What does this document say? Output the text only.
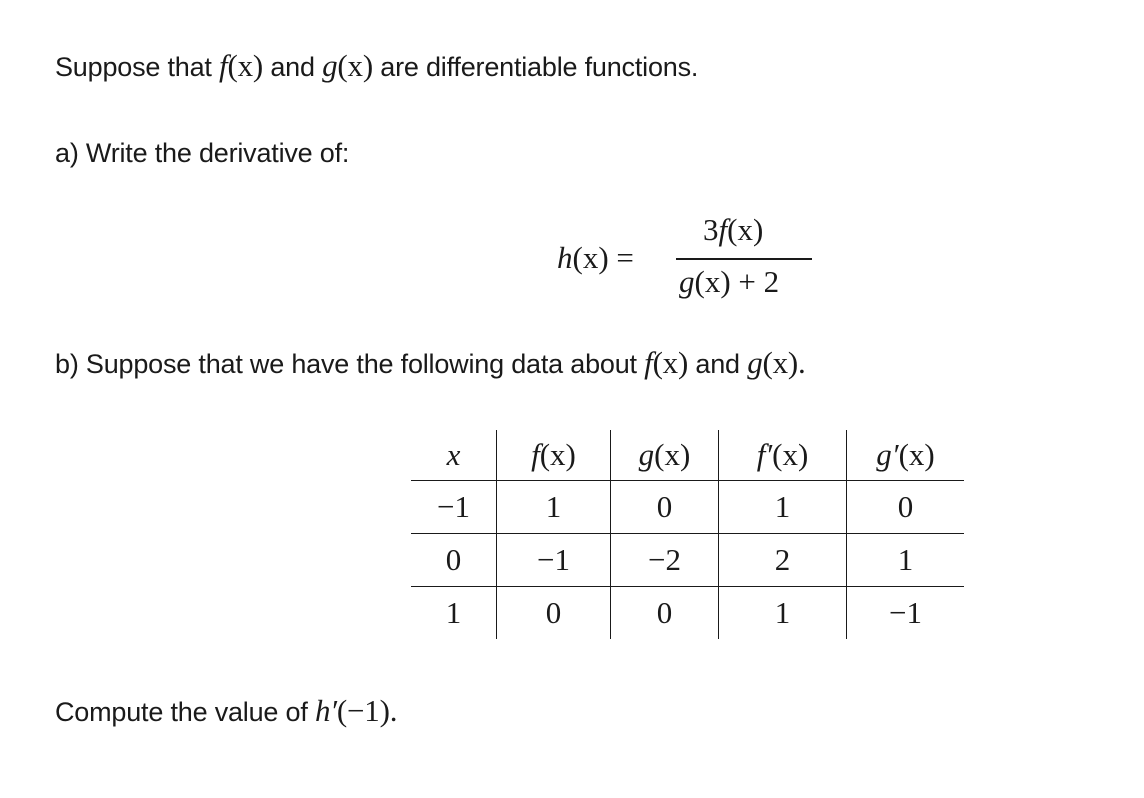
Suppose that f(x) and g(x) are differentiable functions.
a) Write the derivative of:
h(x) =
3f(x)
g(x) + 2
b) Suppose that we have the following data about f(x) and g(x).
x	f(x)	g(x)	f′(x)	g′(x)
−1	1	0	1	0
0	−1	−2	2	1
1	0	0	1	−1
Compute the value of h′(−1).
